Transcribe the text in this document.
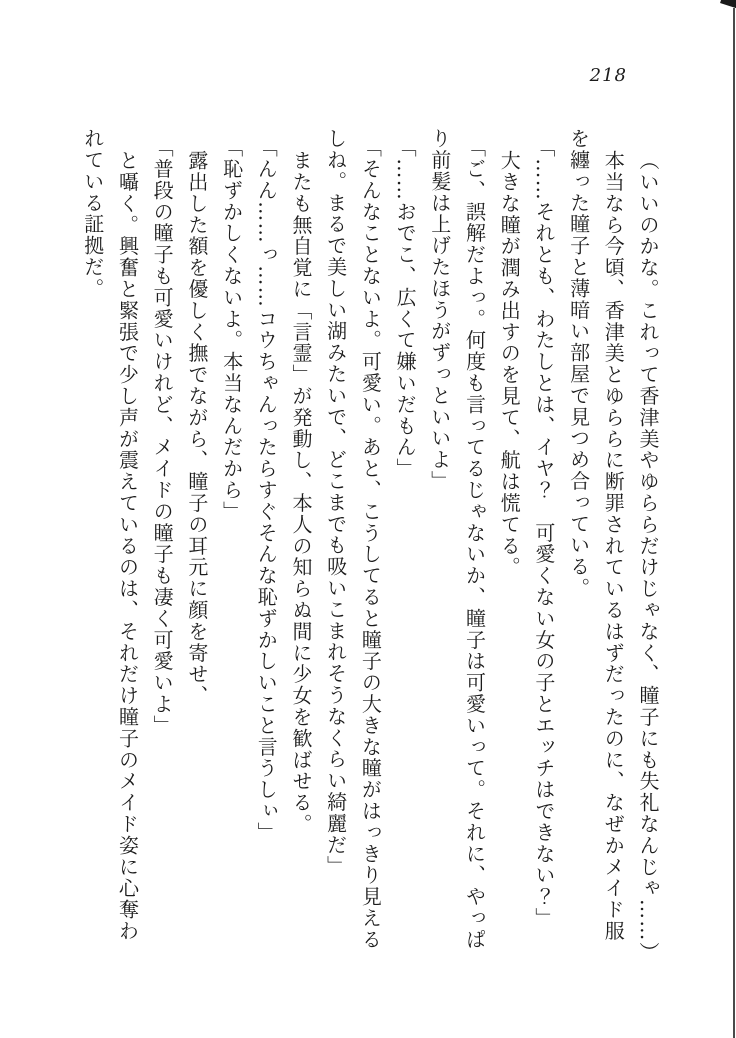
218
（いいのかな。これって香津美やゆららだけじゃなく、瞳子にも失礼なんじゃ……）
本当なら今頃、香津美とゆららに断罪されているはずだったのに、なぜかメイド服
を纏った瞳子と薄暗い部屋で見つめ合っている。
「……それとも、わたしとは、イヤ？　可愛くない女の子とエッチはできない？」
大きな瞳が潤み出すのを見て、航は慌てる。
「ご、誤解だよっ。何度も言ってるじゃないか、瞳子は可愛いって。それに、やっぱ
り前髪は上げたほうがずっといいよ」
「……おでこ、広くて嫌いだもん」
「そんなことないよ。可愛い。あと、こうしてると瞳子の大きな瞳がはっきり見える
しね。まるで美しい湖みたいで、どこまでも吸いこまれそうなくらい綺麗だ」
またも無自覚に「言霊」が発動し、本人の知らぬ間に少女を歓ばせる。
「んん……っ……コウちゃんったらすぐそんな恥ずかしいこと言うしぃ」
「恥ずかしくないよ。本当なんだから」
露出した額を優しく撫でながら、瞳子の耳元に顔を寄せ、
「普段の瞳子も可愛いけれど、メイドの瞳子も凄く可愛いよ」
と囁く。興奮と緊張で少し声が震えているのは、それだけ瞳子のメイド姿に心奪わ
れている証拠だ。
